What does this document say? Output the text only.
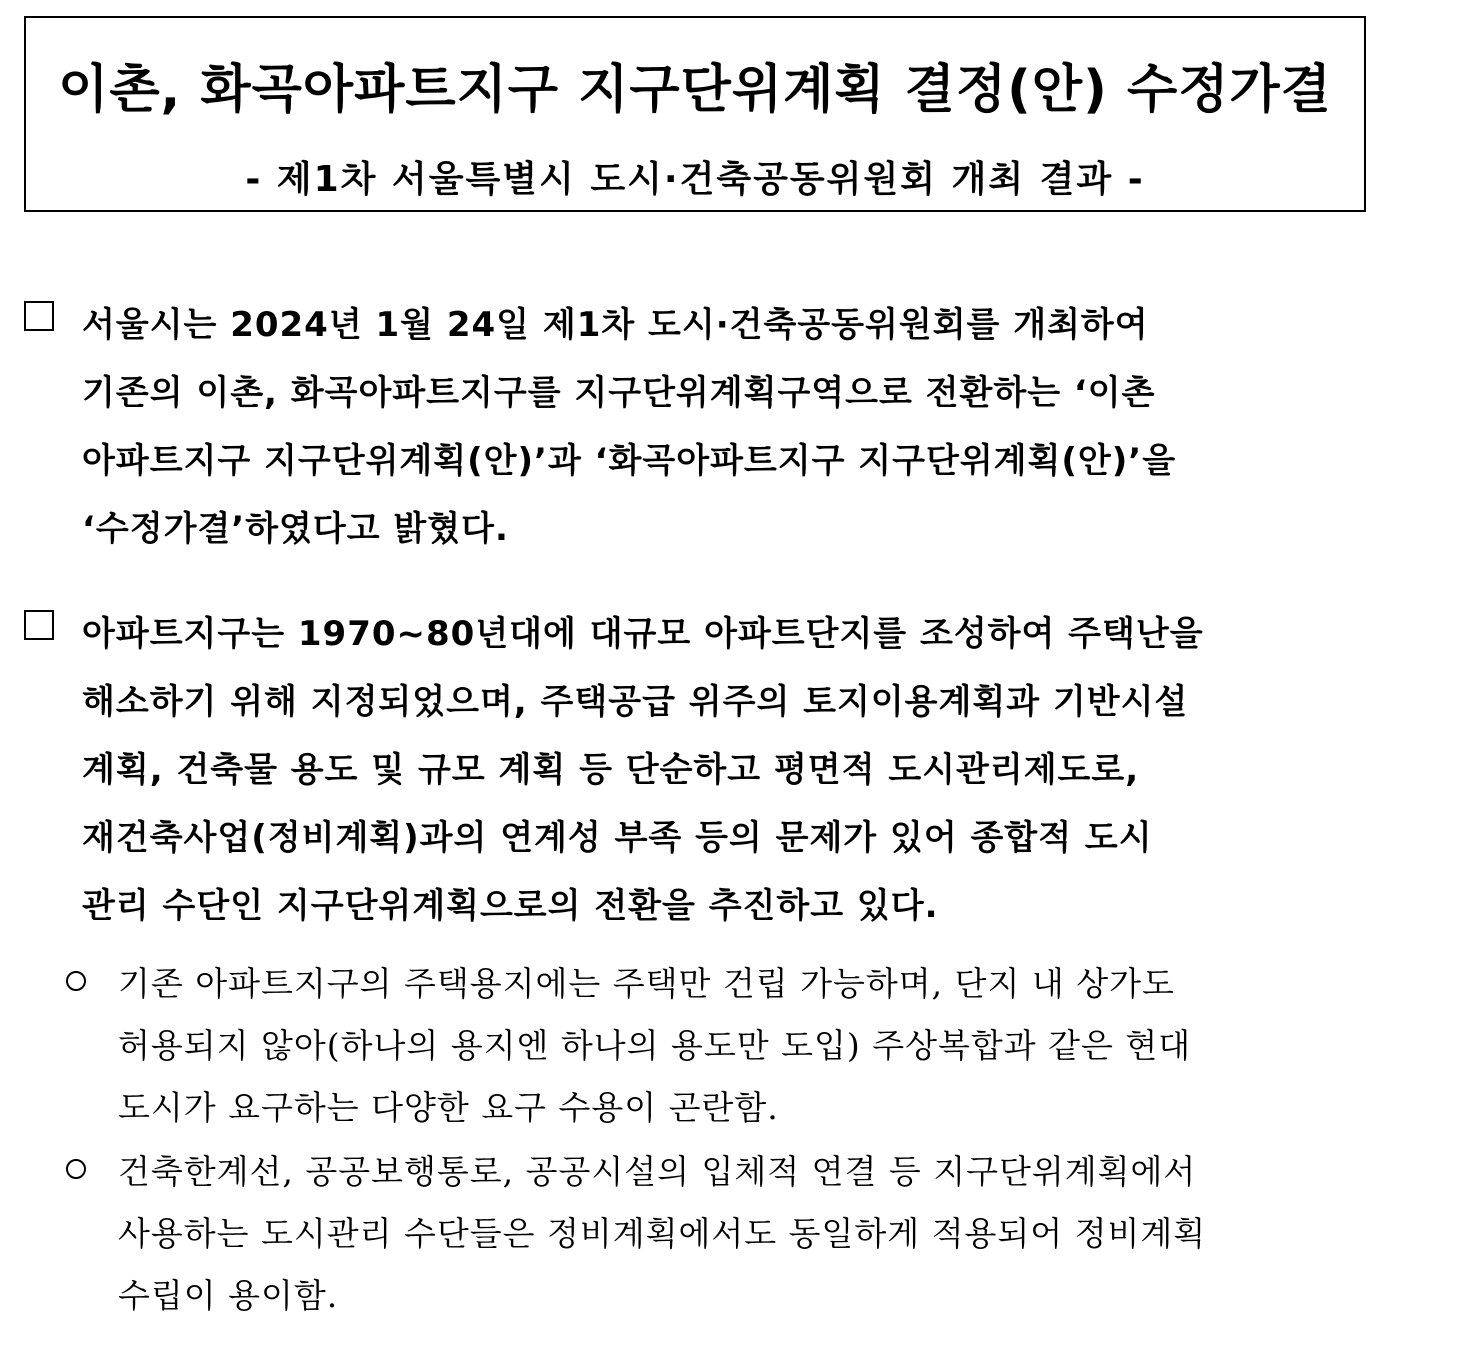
이촌, 화곡아파트지구 지구단위계획 결정(안) 수정가결
- 제1차 서울특별시 도시·건축공동위원회 개최 결과 -
서울시는 2024년 1월 24일 제1차 도시·건축공동위원회를 개최하여
기존의 이촌, 화곡아파트지구를 지구단위계획구역으로 전환하는 ‘이촌
아파트지구 지구단위계획(안)’과 ‘화곡아파트지구 지구단위계획(안)’을
‘수정가결’하였다고 밝혔다.
아파트지구는 1970~80년대에 대규모 아파트단지를 조성하여 주택난을
해소하기 위해 지정되었으며, 주택공급 위주의 토지이용계획과 기반시설
계획, 건축물 용도 및 규모 계획 등 단순하고 평면적 도시관리제도로,
재건축사업(정비계획)과의 연계성 부족 등의 문제가 있어 종합적 도시
관리 수단인 지구단위계획으로의 전환을 추진하고 있다.
기존 아파트지구의 주택용지에는 주택만 건립 가능하며, 단지 내 상가도
허용되지 않아(하나의 용지엔 하나의 용도만 도입) 주상복합과 같은 현대
도시가 요구하는 다양한 요구 수용이 곤란함.
건축한계선, 공공보행통로, 공공시설의 입체적 연결 등 지구단위계획에서
사용하는 도시관리 수단들은 정비계획에서도 동일하게 적용되어 정비계획
수립이 용이함.
